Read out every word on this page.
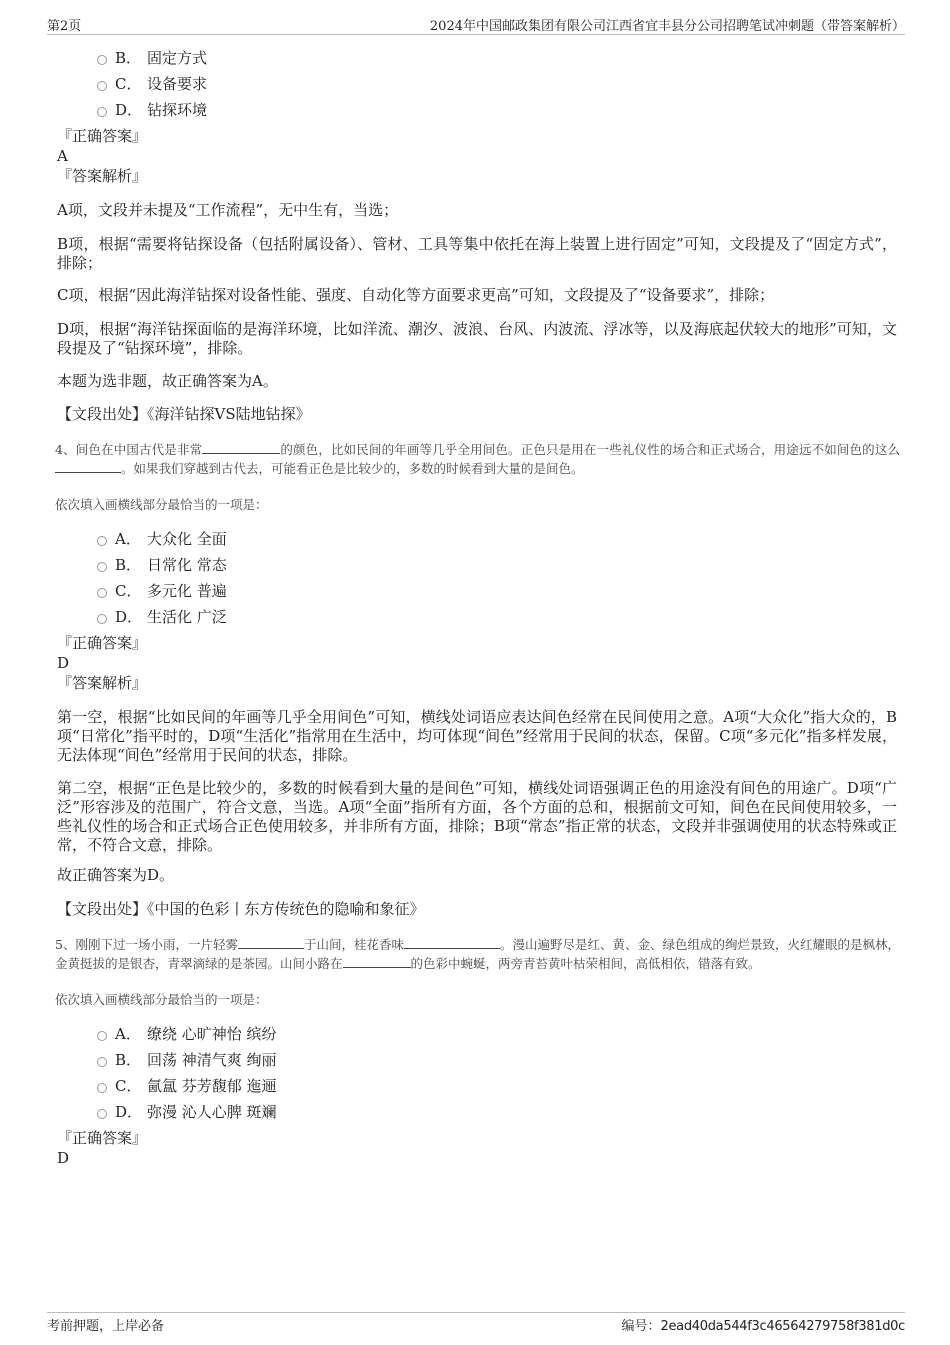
第2页	2024年中国邮政集团有限公司江西省宜丰县分公司招聘笔试冲刺题（带答案解析）
B． 固定方式
C． 设备要求
D． 钻探环境
『正确答案』
A
『答案解析』
A项，文段并未提及“工作流程”，无中生有，当选；
B项，根据“需要将钻探设备（包括附属设备）、管材、工具等集中依托在海上装置上进行固定”可知，文段提及了“固定方式”，排除；
C项，根据“因此海洋钻探对设备性能、强度、自动化等方面要求更高”可知，文段提及了“设备要求”，排除；
D项，根据“海洋钻探面临的是海洋环境，比如洋流、潮汐、波浪、台风、内波流、浮冰等，以及海底起伏较大的地形”可知，文段提及了“钻探环境”，排除。
本题为选非题，故正确答案为A。
【文段出处】《海洋钻探VS陆地钻探》
4、间色在中国古代是非常	的颜色，比如民间的年画等几乎全用间色。正色只是用在一些礼仪性的场合和正式场合，用途远不如间色的这么。如果我们穿越到古代去，可能看正色是比较少的，多数的时候看到大量的是间色。
依次填入画横线部分最恰当的一项是：
A． 大众化 全面
B． 日常化 常态
C． 多元化 普遍
D． 生活化 广泛
『正确答案』
D
『答案解析』
第一空，根据“比如民间的年画等几乎全用间色”可知，横线处词语应表达间色经常在民间使用之意。A项“大众化”指大众的，B项“日常化”指平时的，D项“生活化”指常用在生活中，均可体现“间色”经常用于民间的状态，保留。C项“多元化”指多样发展，无法体现“间色”经常用于民间的状态，排除。
第二空，根据“正色是比较少的，多数的时候看到大量的是间色”可知，横线处词语强调正色的用途没有间色的用途广。D项“广泛”形容涉及的范围广，符合文意，当选。A项“全面”指所有方面，各个方面的总和，根据前文可知，间色在民间使用较多，一些礼仪性的场合和正式场合正色使用较多，并非所有方面，排除；B项“常态”指正常的状态，文段并非强调使用的状态特殊或正常，不符合文意，排除。
故正确答案为D。
【文段出处】《中国的色彩丨东方传统色的隐喻和象征》
5、刚刚下过一场小雨，一片轻雾	于山间，桂花香味	。漫山遍野尽是红、黄、金、绿色组成的绚烂景致，火红耀眼的是枫林，金黄挺拔的是银杏，青翠滴绿的是茶园。山间小路在	的色彩中蜿蜒，两旁青苔黄叶枯荣相间，高低相依，错落有致。
依次填入画横线部分最恰当的一项是：
A． 缭绕 心旷神怡 缤纷
B． 回荡 神清气爽 绚丽
C． 氤氲 芬芳馥郁 迤逦
D． 弥漫 沁人心脾 斑斓
『正确答案』
D
考前押题，上岸必备	编号：2ead40da544f3c46564279758f381d0c
